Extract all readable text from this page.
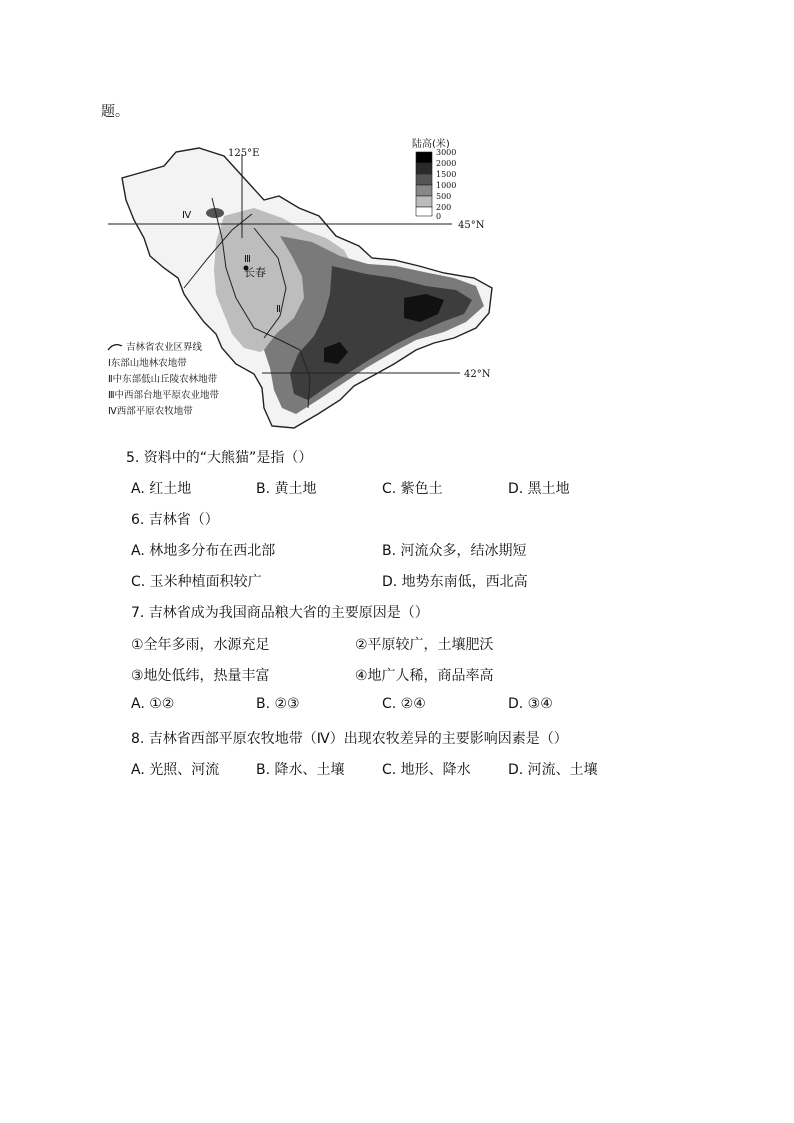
题。
125°E
45°N
42°N
长春
Ⅳ
Ⅲ
Ⅱ
陆高(米)
3000
2000
1500
1000
500
200
0
吉林省农业区界线
Ⅰ东部山地林农地带
Ⅱ中东部低山丘陵农林地带
Ⅲ中西部台地平原农业地带
Ⅳ西部平原农牧地带
5. 资料中的“大熊猫”是指（）
A. 红土地	B. 黄土地	C. 紫色土	D. 黑土地
6. 吉林省（）
A. 林地多分布在西北部	B. 河流众多，结冰期短
C. 玉米种植面积较广	D. 地势东南低，西北高
7. 吉林省成为我国商品粮大省的主要原因是（）
①全年多雨，水源充足	②平原较广，土壤肥沃
③地处低纬，热量丰富	④地广人稀，商品率高
A. ①②	B. ②③	C. ②④	D. ③④
8. 吉林省西部平原农牧地带（Ⅳ）出现农牧差异的主要影响因素是（）
A. 光照、河流	B. 降水、土壤	C. 地形、降水	D. 河流、土壤
